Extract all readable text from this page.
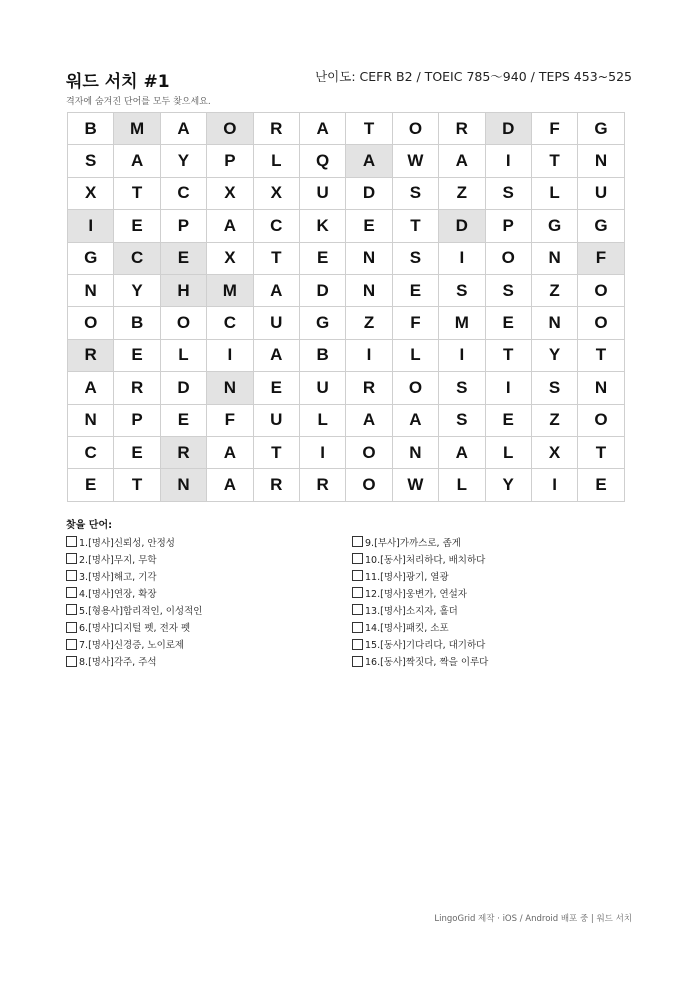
워드 서치 #1	난이도: CEFR B2 / TOEIC 785～940 / TEPS 453~525
격자에 숨겨진 단어를 모두 찾으세요.
B	M	A	O	R	A	T	O	R	D	F	G
S	A	Y	P	L	Q	A	W	A	I	T	N
X	T	C	X	X	U	D	S	Z	S	L	U
I	E	P	A	C	K	E	T	D	P	G	G
G	C	E	X	T	E	N	S	I	O	N	F
N	Y	H	M	A	D	N	E	S	S	Z	O
O	B	O	C	U	G	Z	F	M	E	N	O
R	E	L	I	A	B	I	L	I	T	Y	T
A	R	D	N	E	U	R	O	S	I	S	N
N	P	E	F	U	L	A	A	S	E	Z	O
C	E	R	A	T	I	O	N	A	L	X	T
E	T	N	A	R	R	O	W	L	Y	I	E
찾을 단어:
1.[명사]신뢰성, 안정성
2.[명사]무지, 무학
3.[명사]해고, 기각
4.[명사]연장, 확장
5.[형용사]합리적인, 이성적인
6.[명사]디지털 펫, 전자 펫
7.[명사]신경증, 노이로제
8.[명사]각주, 주석
9.[부사]가까스로, 좁게
10.[동사]처리하다, 배치하다
11.[명사]광기, 열광
12.[명사]웅변가, 연설자
13.[명사]소지자, 홀더
14.[명사]패킷, 소포
15.[동사]기다리다, 대기하다
16.[동사]짝짓다, 짝을 이루다
LingoGrid 제작 · iOS / Android 배포 중 | 워드 서치
